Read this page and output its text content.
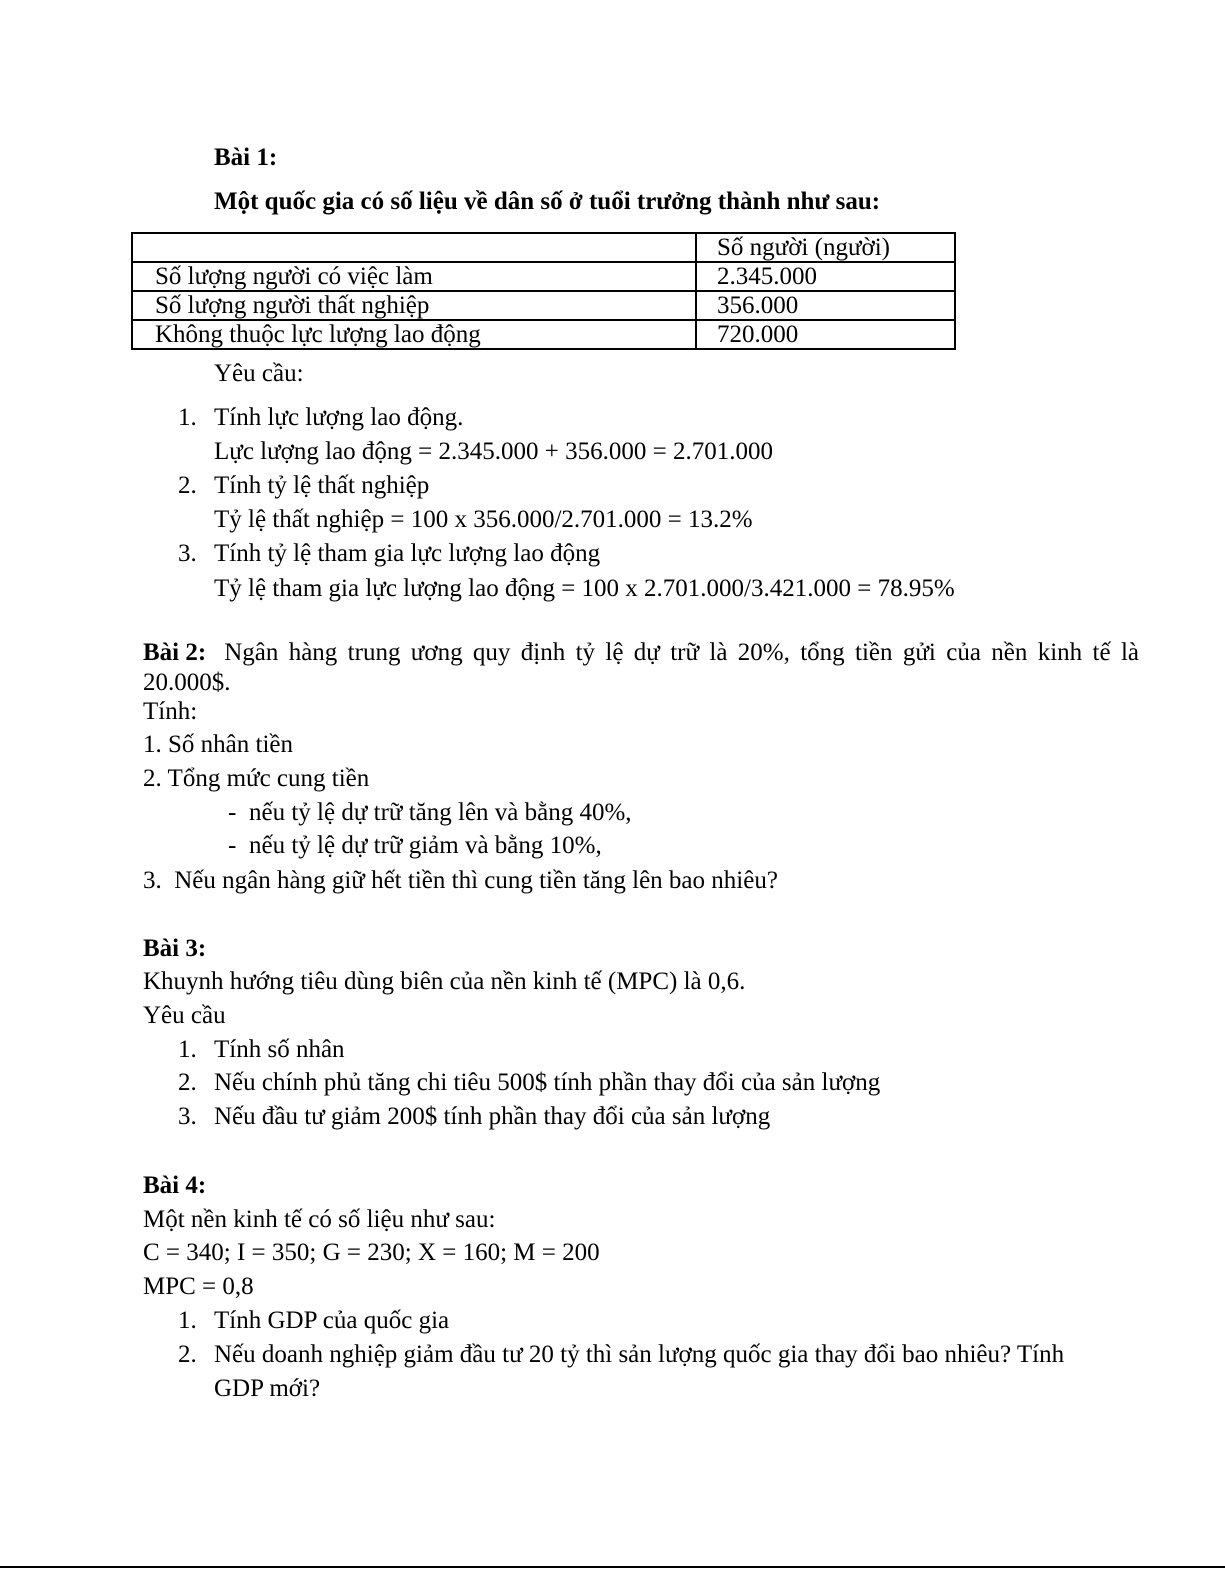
Bài 1:
Một quốc gia có số liệu về dân số ở tuổi trưởng thành như sau:
	Số người (người)
Số lượng người có việc làm	2.345.000
Số lượng người thất nghiệp	356.000
Không thuộc lực lượng lao động	720.000
Yêu cầu:
1. Tính lực lượng lao động.
Lực lượng lao động = 2.345.000 + 356.000 = 2.701.000
2. Tính tỷ lệ thất nghiệp
Tỷ lệ thất nghiệp = 100 x 356.000/2.701.000 = 13.2%
3. Tính tỷ lệ tham gia lực lượng lao động
Tỷ lệ tham gia lực lượng lao động = 100 x 2.701.000/3.421.000 = 78.95%
Bài 2: Ngân hàng trung ương quy định tỷ lệ dự trữ là 20%, tổng tiền gửi của nền kinh tế là
20.000$.
Tính:
1. Số nhân tiền
2. Tổng mức cung tiền
- nếu tỷ lệ dự trữ tăng lên và bằng 40%,
- nếu tỷ lệ dự trữ giảm và bằng 10%,
3.  Nếu ngân hàng giữ hết tiền thì cung tiền tăng lên bao nhiêu?
Bài 3:
Khuynh hướng tiêu dùng biên của nền kinh tế (MPC) là 0,6.
Yêu cầu
1. Tính số nhân
2. Nếu chính phủ tăng chi tiêu 500$ tính phần thay đổi của sản lượng
3. Nếu đầu tư giảm 200$ tính phần thay đổi của sản lượng
Bài 4:
Một nền kinh tế có số liệu như sau:
C = 340; I = 350; G = 230; X = 160; M = 200
MPC = 0,8
1. Tính GDP của quốc gia
2. Nếu doanh nghiệp giảm đầu tư 20 tỷ thì sản lượng quốc gia thay đổi bao nhiêu? Tính
GDP mới?
